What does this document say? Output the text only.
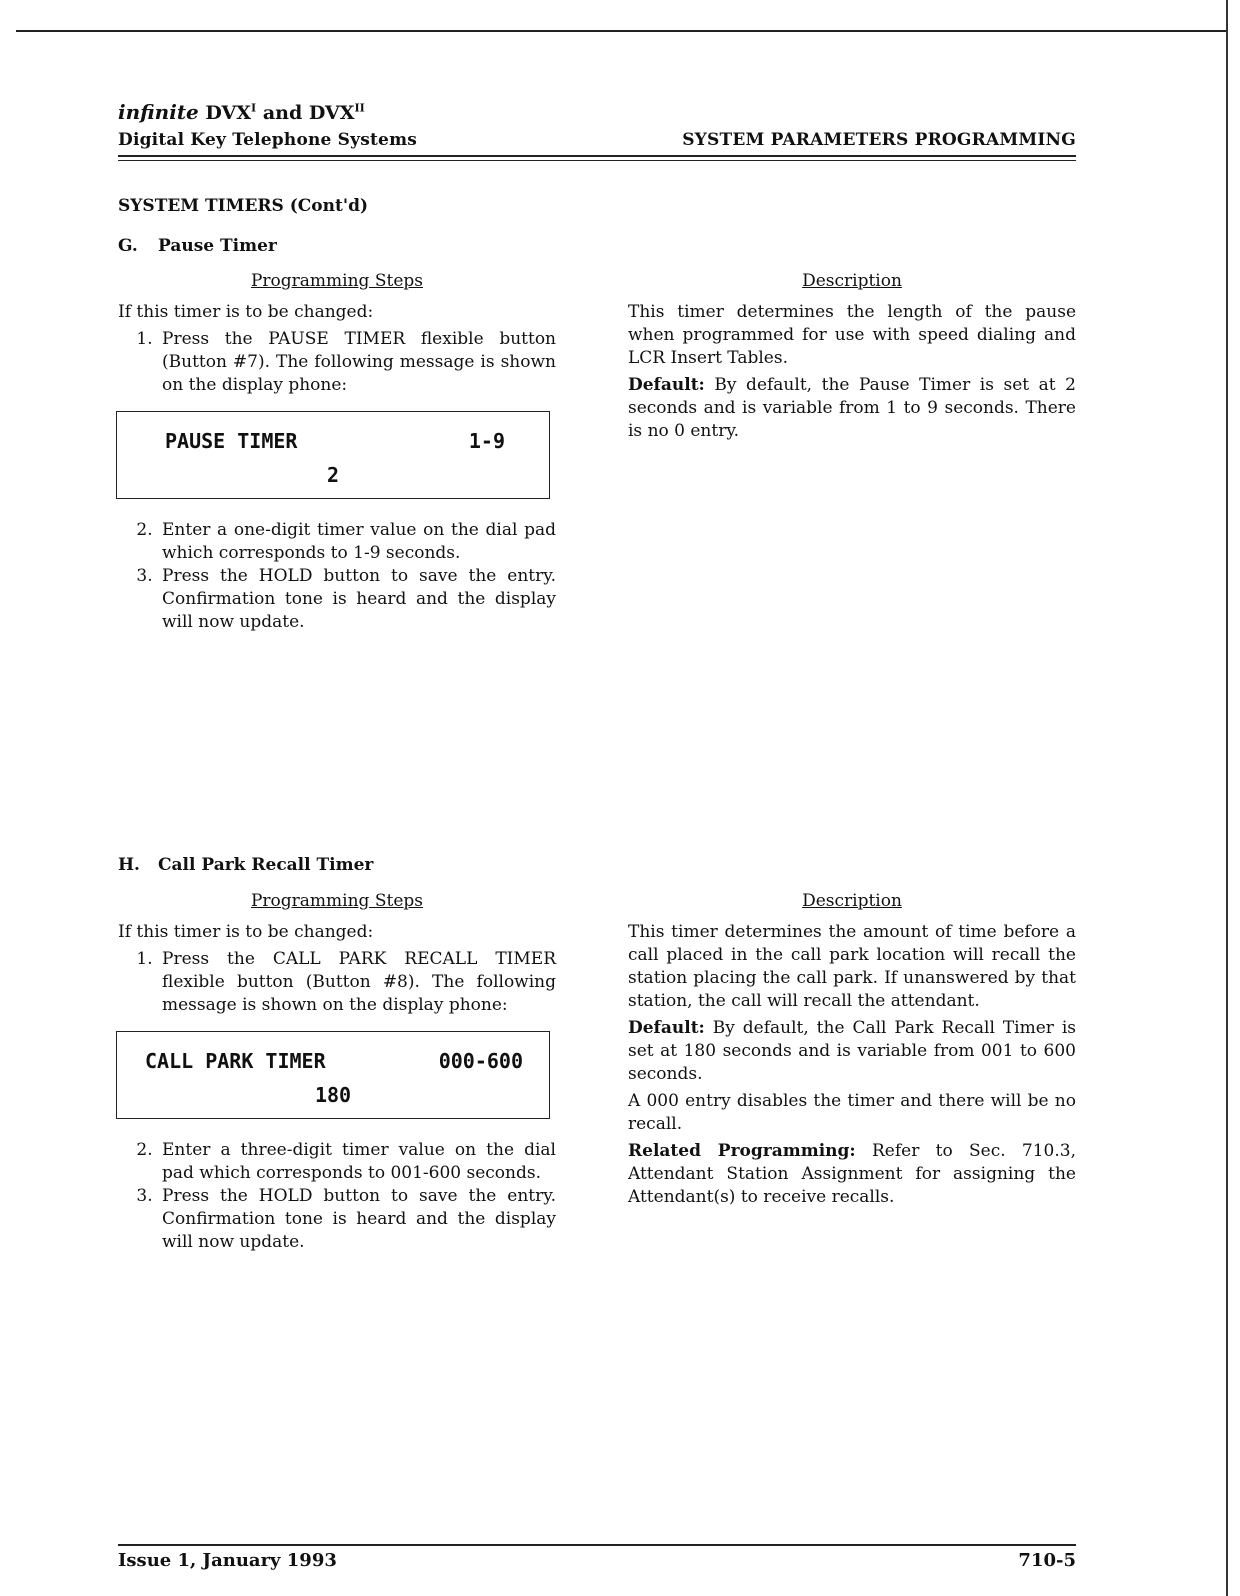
infinite $DVX^I$ and $DVX^{II}$
Digital Key Telephone Systems	SYSTEM PARAMETERS PROGRAMMING
SYSTEM TIMERS (Cont'd)
G. Pause Timer
Programming Steps

If this timer is to be changed:

1. Press the PAUSE TIMER flexible button (Button #7). The following message is shown on the display phone:
PAUSE TIMER	1-9
2
2. Enter a one-digit timer value on the dial pad which corresponds to 1-9 seconds.
3. Press the HOLD button to save the entry. Confirmation tone is heard and the display will now update.
Description

This timer determines the length of the pause when programmed for use with speed dialing and LCR Insert Tables.

Default: By default, the Pause Timer is set at 2 seconds and is variable from 1 to 9 seconds. There is no 0 entry.

H. Call Park Recall Timer
Programming Steps

If this timer is to be changed:

1. Press the CALL PARK RECALL TIMER flexible button (Button #8). The following message is shown on the display phone:
CALL PARK TIMER	000-600
180
2. Enter a three-digit timer value on the dial pad which corresponds to 001-600 seconds.
3. Press the HOLD button to save the entry. Confirmation tone is heard and the display will now update.
Description

This timer determines the amount of time before a call placed in the call park location will recall the station placing the call park. If unanswered by that station, the call will recall the attendant.

Default: By default, the Call Park Recall Timer is set at 180 seconds and is variable from 001 to 600 seconds.

A 000 entry disables the timer and there will be no recall.

Related Programming: Refer to Sec. 710.3, Attendant Station Assignment for assigning the Attendant(s) to receive recalls.

Issue 1, January 1993	710-5
